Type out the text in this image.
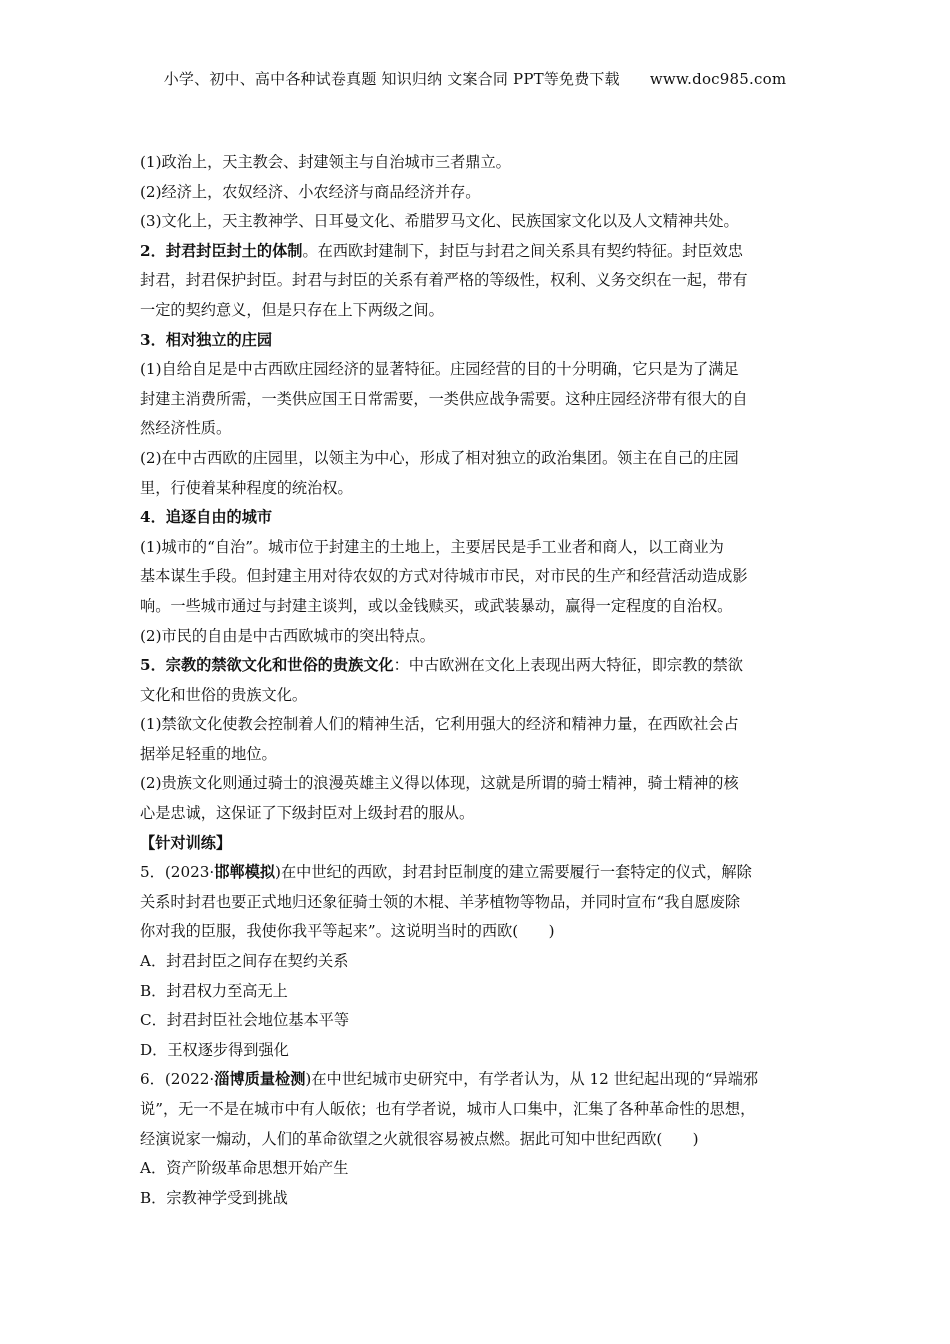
小学、初中、高中各种试卷真题 知识归纳 文案合同 PPT等免费下载 www.doc985.com

(1)政治上，天主教会、封建领主与自治城市三者鼎立。

(2)经济上，农奴经济、小农经济与商品经济并存。

(3)文化上，天主教神学、日耳曼文化、希腊罗马文化、民族国家文化以及人文精神共处。

2．封君封臣封土的体制。在西欧封建制下，封臣与封君之间关系具有契约特征。封臣效忠

封君，封君保护封臣。封君与封臣的关系有着严格的等级性，权利、义务交织在一起，带有

一定的契约意义，但是只存在上下两级之间。

3．相对独立的庄园

(1)自给自足是中古西欧庄园经济的显著特征。庄园经营的目的十分明确，它只是为了满足

封建主消费所需，一类供应国王日常需要，一类供应战争需要。这种庄园经济带有很大的自

然经济性质。

(2)在中古西欧的庄园里，以领主为中心，形成了相对独立的政治集团。领主在自己的庄园

里，行使着某种程度的统治权。

4．追逐自由的城市

(1)城市的“自治”。城市位于封建主的土地上，主要居民是手工业者和商人，以工商业为

基本谋生手段。但封建主用对待农奴的方式对待城市市民，对市民的生产和经营活动造成影

响。一些城市通过与封建主谈判，或以金钱赎买，或武装暴动，赢得一定程度的自治权。

(2)市民的自由是中古西欧城市的突出特点。

5．宗教的禁欲文化和世俗的贵族文化：中古欧洲在文化上表现出两大特征，即宗教的禁欲

文化和世俗的贵族文化。

(1)禁欲文化使教会控制着人们的精神生活，它利用强大的经济和精神力量，在西欧社会占

据举足轻重的地位。

(2)贵族文化则通过骑士的浪漫英雄主义得以体现，这就是所谓的骑士精神，骑士精神的核

心是忠诚，这保证了下级封臣对上级封君的服从。

【针对训练】

5．(2023·邯郸模拟)在中世纪的西欧，封君封臣制度的建立需要履行一套特定的仪式，解除

关系时封君也要正式地归还象征骑士领的木棍、羊茅植物等物品，并同时宣布“我自愿废除

你对我的臣服，我使你我平等起来”。这说明当时的西欧(　　)

A．封君封臣之间存在契约关系

B．封君权力至高无上

C．封君封臣社会地位基本平等

D．王权逐步得到强化

6．(2022·淄博质量检测)在中世纪城市史研究中，有学者认为，从 12 世纪起出现的“异端邪

说”，无一不是在城市中有人皈依；也有学者说，城市人口集中，汇集了各种革命性的思想，

经演说家一煽动，人们的革命欲望之火就很容易被点燃。据此可知中世纪西欧(　　)

A．资产阶级革命思想开始产生

B．宗教神学受到挑战
